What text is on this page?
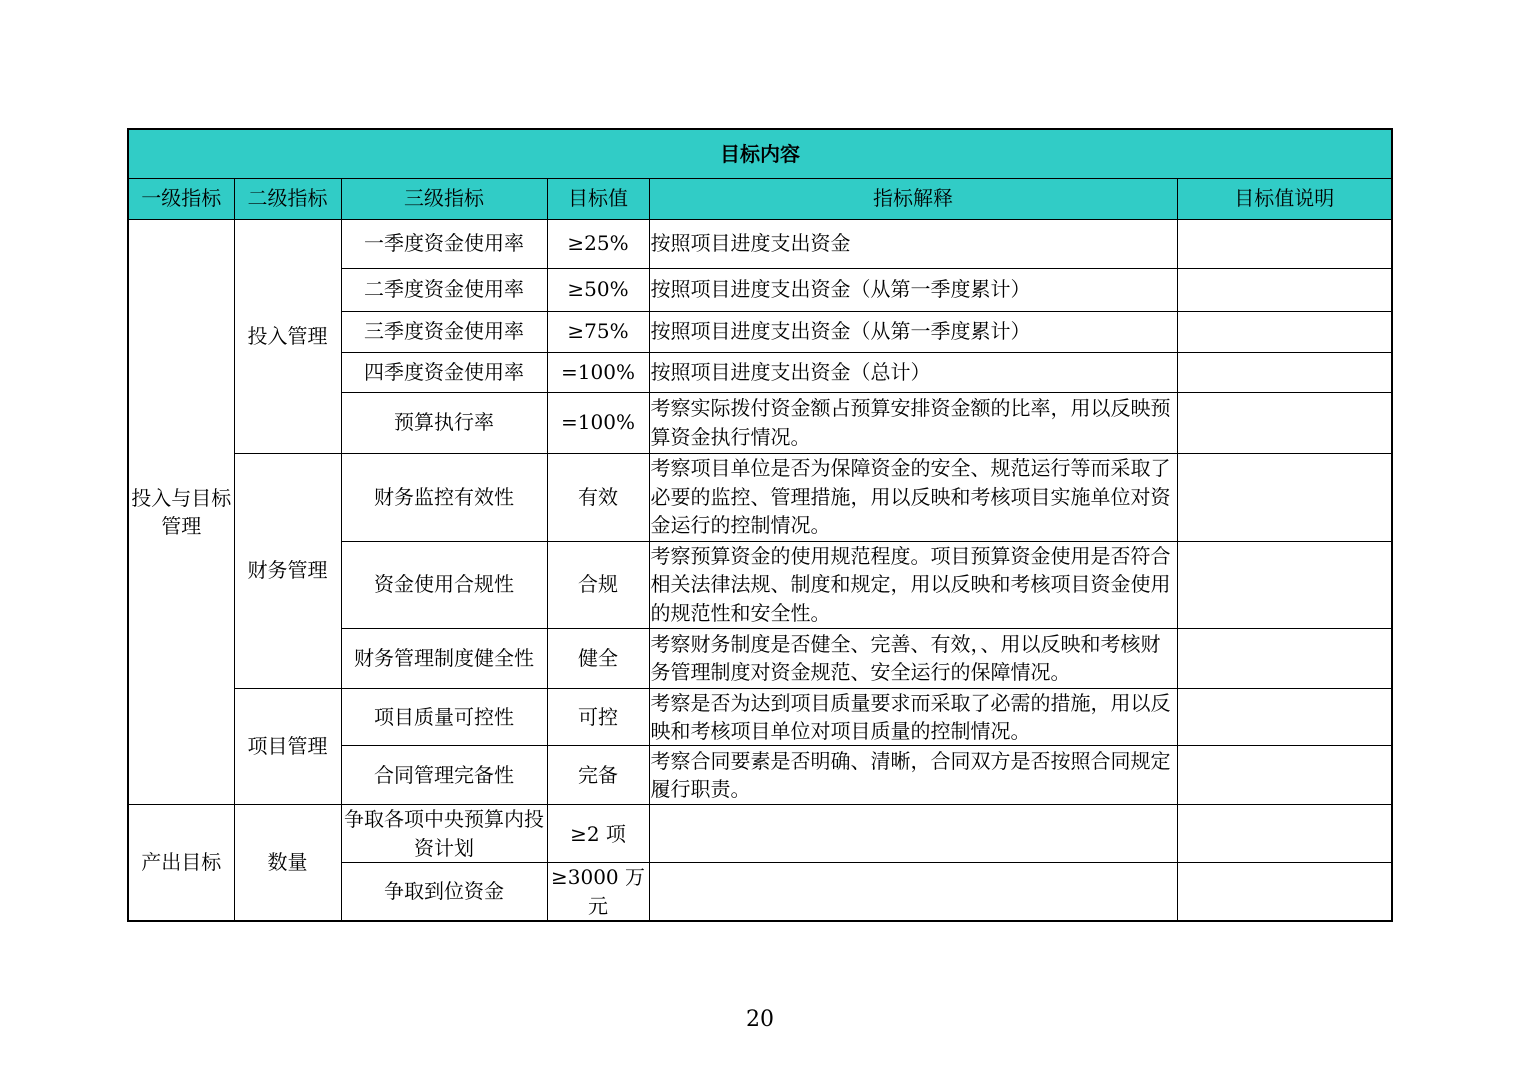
目标内容					
一级指标	二级指标	三级指标	目标值	指标解释	目标值说明
投入与目标管理	投入管理	一季度资金使用率	≥25%	按照项目进度支出资金	
		二季度资金使用率	≥50%	按照项目进度支出资金（从第一季度累计）	
		三季度资金使用率	≥75%	按照项目进度支出资金（从第一季度累计）	
		四季度资金使用率	=100%	按照项目进度支出资金（总计）	
		预算执行率	=100%	考察实际拨付资金额占预算安排资金额的比率，用以反映预算资金执行情况。	
	财务管理	财务监控有效性	有效	考察项目单位是否为保障资金的安全、规范运行等而采取了必要的监控、管理措施，用以反映和考核项目实施单位对资金运行的控制情况。	
		资金使用合规性	合规	考察预算资金的使用规范程度。项目预算资金使用是否符合相关法律法规、制度和规定，用以反映和考核项目资金使用的规范性和安全性。	
		财务管理制度健全性	健全	考察财务制度是否健全、完善、有效，、用以反映和考核财务管理制度对资金规范、安全运行的保障情况。	
	项目管理	项目质量可控性	可控	考察是否为达到项目质量要求而采取了必需的措施，用以反映和考核项目单位对项目质量的控制情况。	
		合同管理完备性	完备	考察合同要素是否明确、清晰，合同双方是否按照合同规定履行职责。	
产出目标	数量	争取各项中央预算内投资计划	≥2 项		
		争取到位资金	≥3000 万元		
20
